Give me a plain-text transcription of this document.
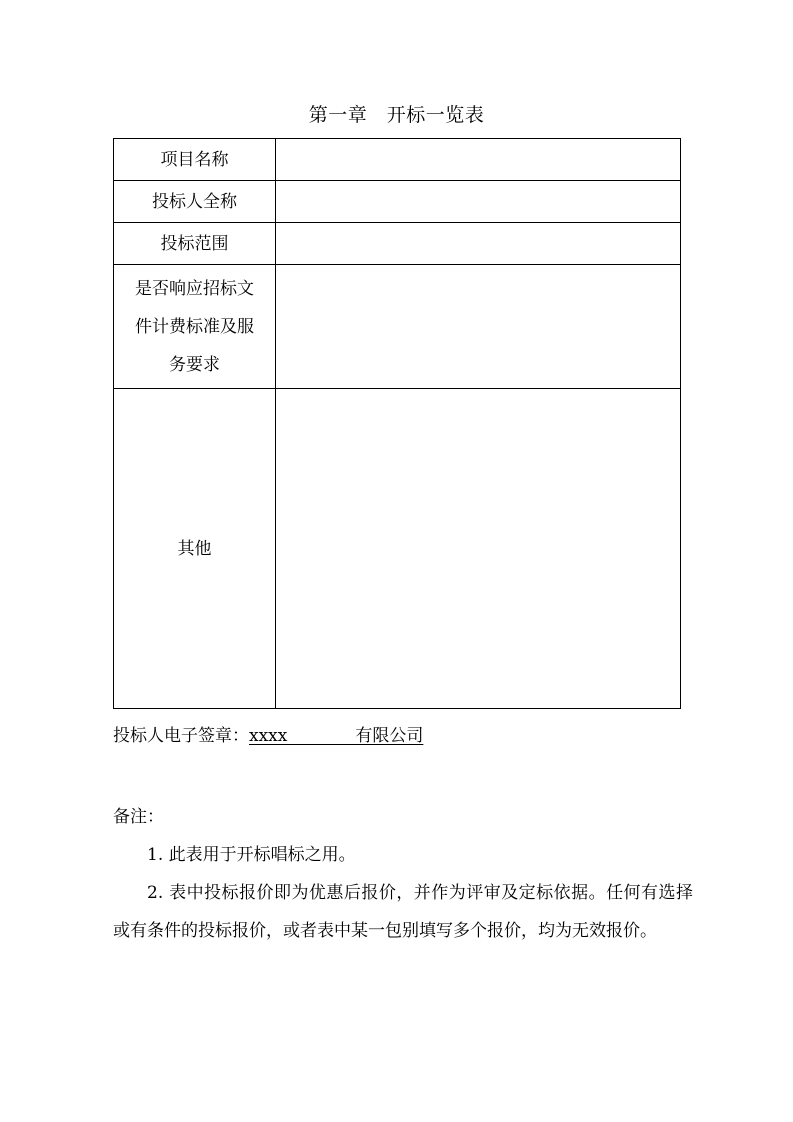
第一章　开标一览表
项目名称	
投标人全称	
投标范围	

是否响应招标文
件计费标准及服
务要求	

其他	
投标人电子签章：xxxx　　　　有限公司

备注：

1. 此表用于开标唱标之用。

2. 表中投标报价即为优惠后报价，并作为评审及定标依据。任何有选择或有条件的投标报价，或者表中某一包别填写多个报价，均为无效报价。
